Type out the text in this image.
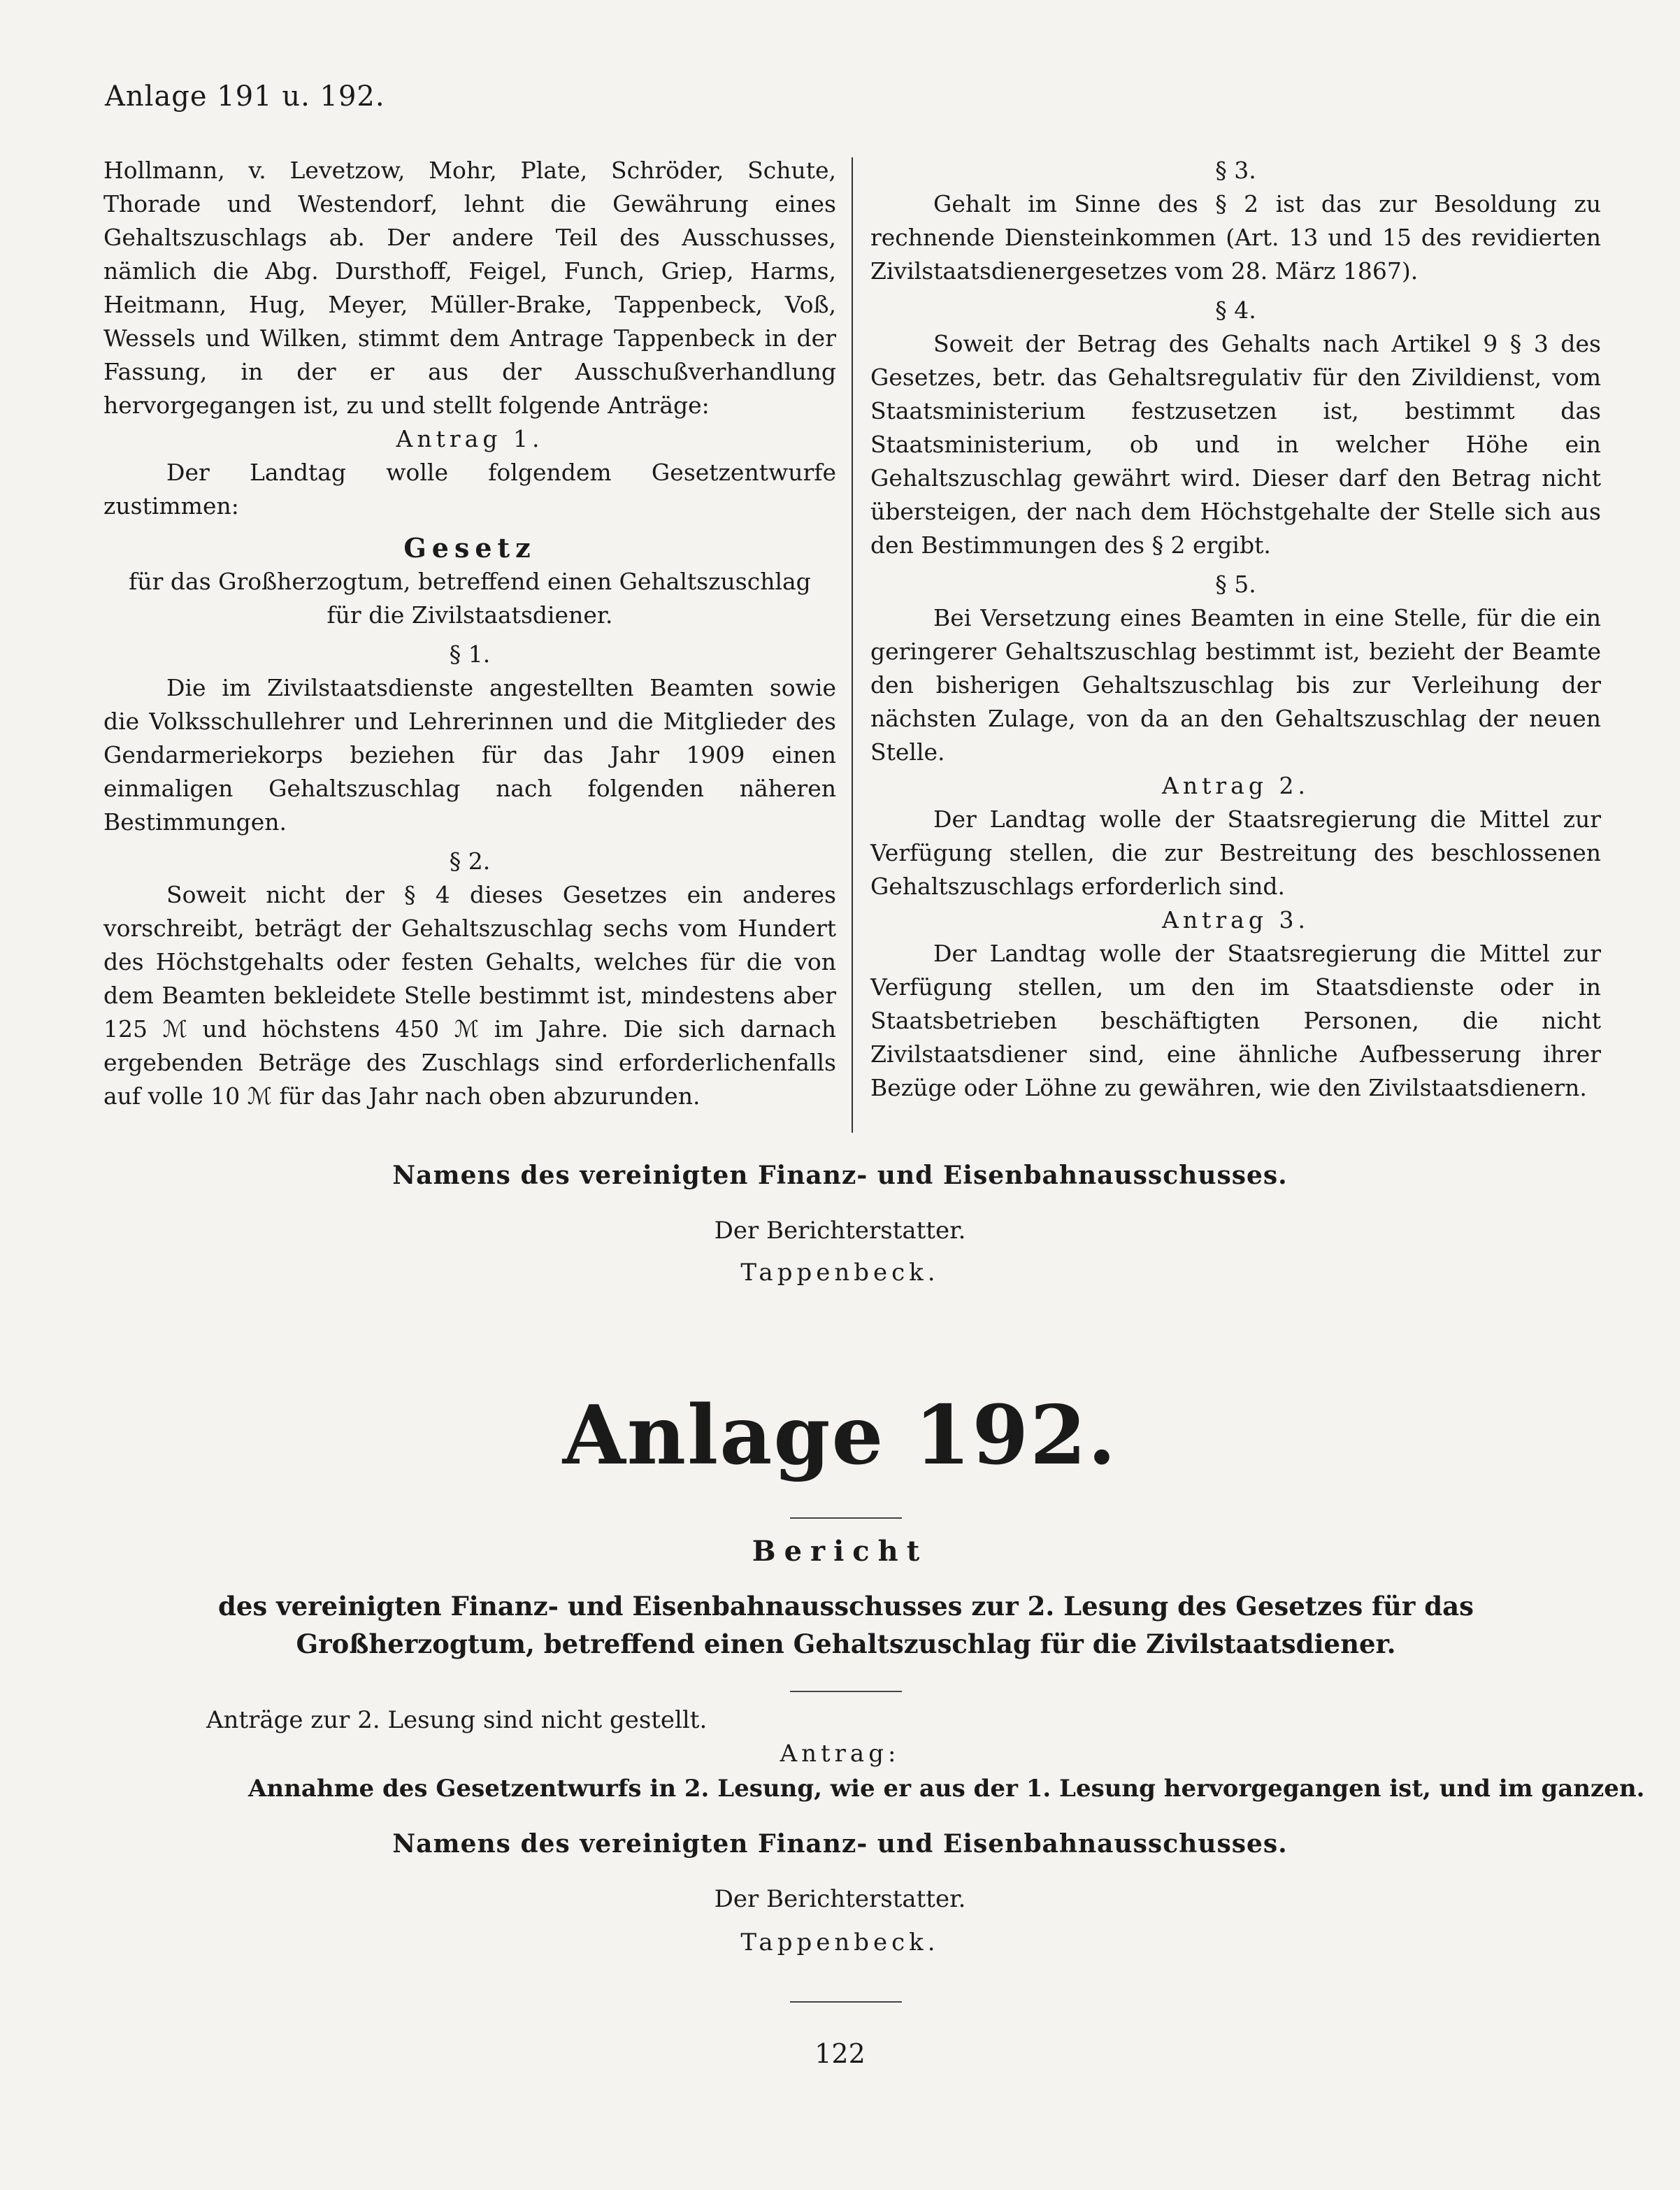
Anlage 191 u. 192.

Hollmann, v. Levetzow, Mohr, Plate, Schröder, Schute, Thorade und Westendorf, lehnt die Gewährung eines Gehaltszuschlags ab. Der andere Teil des Ausschusses, nämlich die Abg. Dursthoff, Feigel, Funch, Griep, Harms, Heitmann, Hug, Meyer, Müller-Brake, Tappenbeck, Voß, Wessels und Wilken, stimmt dem Antrage Tappenbeck in der Fassung, in der er aus der Ausschußverhandlung hervorgegangen ist, zu und stellt folgende Anträge:

Antrag 1.

Der Landtag wolle folgendem Gesetzentwurfe zustimmen:

Gesetz

für das Großherzogtum, betreffend einen Gehaltszuschlag für die Zivilstaatsdiener.

§ 1.

Die im Zivilstaatsdienste angestellten Beamten sowie die Volksschullehrer und Lehrerinnen und die Mitglieder des Gendarmeriekorps beziehen für das Jahr 1909 einen einmaligen Gehaltszuschlag nach folgenden näheren Bestimmungen.

§ 2.

Soweit nicht der § 4 dieses Gesetzes ein anderes vorschreibt, beträgt der Gehaltszuschlag sechs vom Hundert des Höchstgehalts oder festen Gehalts, welches für die von dem Beamten bekleidete Stelle bestimmt ist, mindestens aber 125 ℳ und höchstens 450 ℳ im Jahre. Die sich darnach ergebenden Beträge des Zuschlags sind erforderlichenfalls auf volle 10 ℳ für das Jahr nach oben abzurunden.

§ 3.

Gehalt im Sinne des § 2 ist das zur Besoldung zu rechnende Diensteinkommen (Art. 13 und 15 des revidierten Zivilstaatsdienergesetzes vom 28. März 1867).

§ 4.

Soweit der Betrag des Gehalts nach Artikel 9 § 3 des Gesetzes, betr. das Gehaltsregulativ für den Zivildienst, vom Staatsministerium festzusetzen ist, bestimmt das Staatsministerium, ob und in welcher Höhe ein Gehaltszuschlag gewährt wird. Dieser darf den Betrag nicht übersteigen, der nach dem Höchstgehalte der Stelle sich aus den Bestimmungen des § 2 ergibt.

§ 5.

Bei Versetzung eines Beamten in eine Stelle, für die ein geringerer Gehaltszuschlag bestimmt ist, bezieht der Beamte den bisherigen Gehaltszuschlag bis zur Verleihung der nächsten Zulage, von da an den Gehaltszuschlag der neuen Stelle.

Antrag 2.

Der Landtag wolle der Staatsregierung die Mittel zur Verfügung stellen, die zur Bestreitung des beschlossenen Gehaltszuschlags erforderlich sind.

Antrag 3.

Der Landtag wolle der Staatsregierung die Mittel zur Verfügung stellen, um den im Staatsdienste oder in Staatsbetrieben beschäftigten Personen, die nicht Zivilstaatsdiener sind, eine ähnliche Aufbesserung ihrer Bezüge oder Löhne zu gewähren, wie den Zivilstaatsdienern.

Namens des vereinigten Finanz- und Eisenbahnausschusses.
Der Berichterstatter.
Tappenbeck.
Anlage 192.
Bericht
des vereinigten Finanz- und Eisenbahnausschusses zur 2. Lesung des Gesetzes für das Großherzogtum, betreffend einen Gehaltszuschlag für die Zivilstaatsdiener.
Anträge zur 2. Lesung sind nicht gestellt.
Antrag:
Annahme des Gesetzentwurfs in 2. Lesung, wie er aus der 1. Lesung hervorgegangen ist, und im ganzen.
Namens des vereinigten Finanz- und Eisenbahnausschusses.
Der Berichterstatter.
Tappenbeck.
122
